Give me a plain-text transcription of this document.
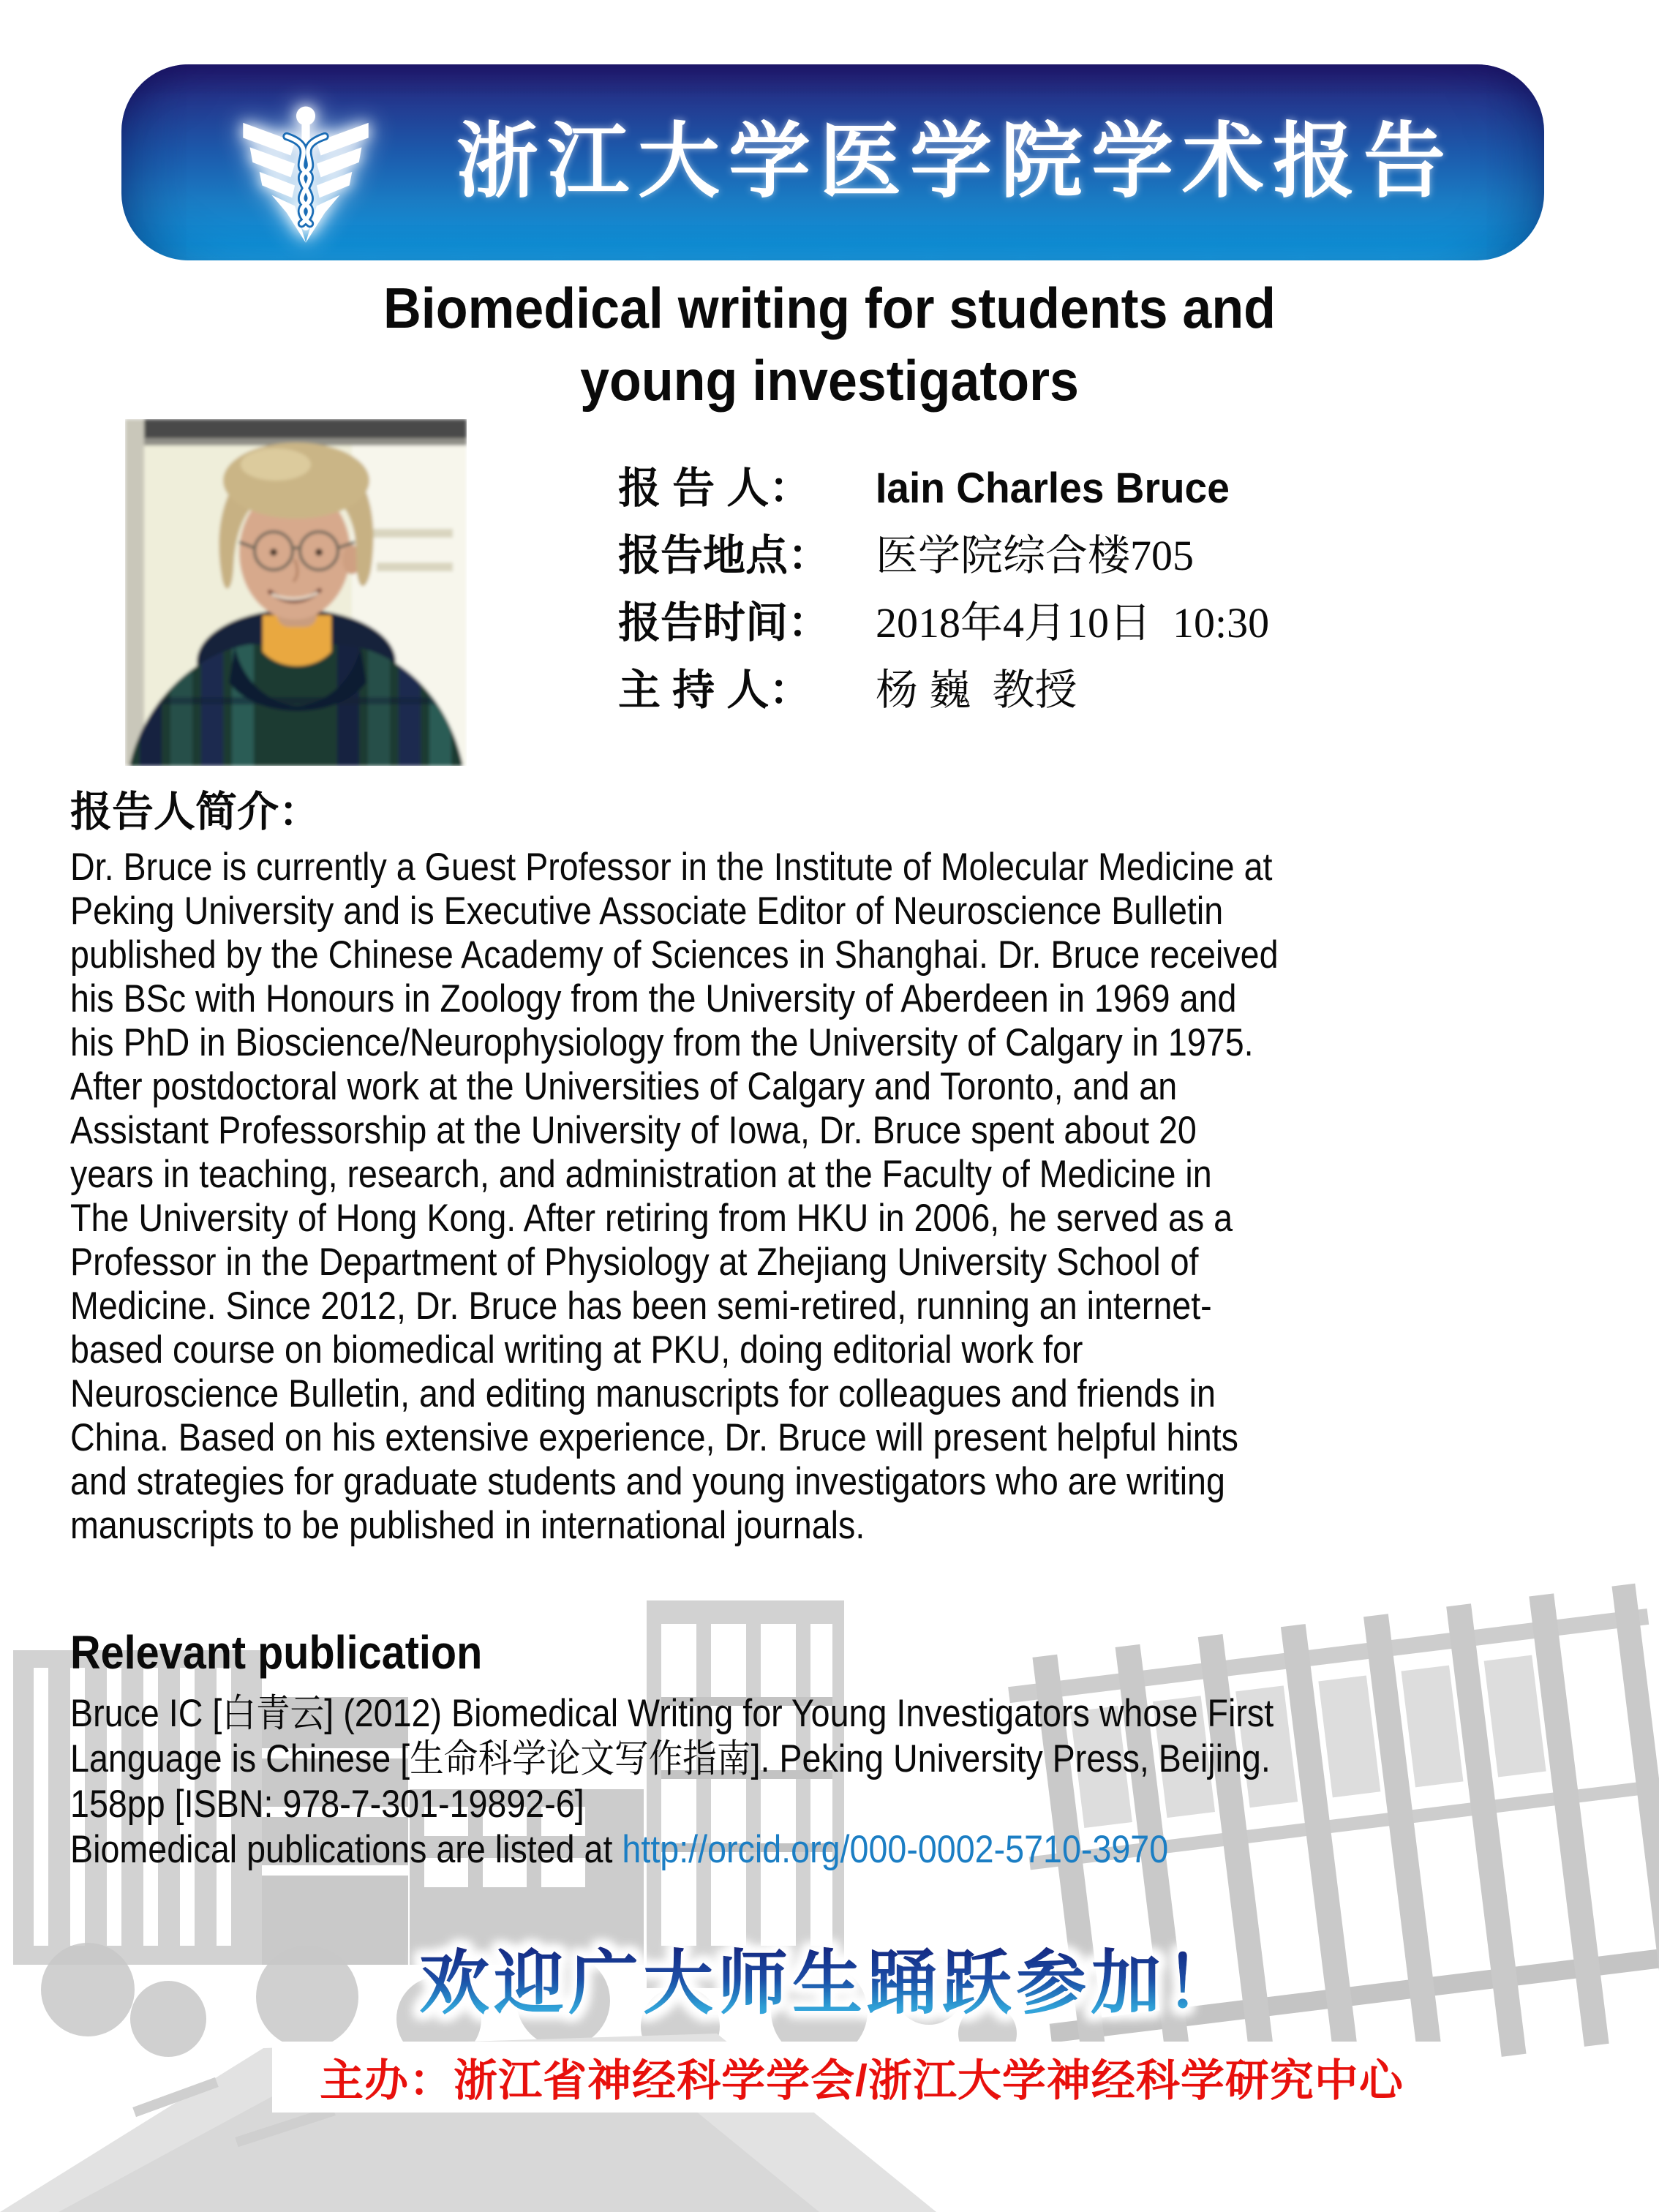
浙江大学医学院学术报告
Biomedical writing for students and
young investigators
报 告 人： Iain Charles Bruce
报告地点： 医学院综合楼705
报告时间： 2018年4月10日  10:30
主 持 人： 杨 巍  教授
报告人简介：
Dr. Bruce is currently a Guest Professor in the Institute of Molecular Medicine at
Peking University and is Executive Associate Editor of Neuroscience Bulletin
published by the Chinese Academy of Sciences in Shanghai. Dr. Bruce received
his BSc with Honours in Zoology from the University of Aberdeen in 1969 and
his PhD in Bioscience/Neurophysiology from the University of Calgary in 1975.
After postdoctoral work at the Universities of Calgary and Toronto, and an
Assistant Professorship at the University of Iowa, Dr. Bruce spent about 20
years in teaching, research, and administration at the Faculty of Medicine in
The University of Hong Kong. After retiring from HKU in 2006, he served as a
Professor in the Department of Physiology at Zhejiang University School of
Medicine. Since 2012, Dr. Bruce has been semi-retired, running an internet-
based course on biomedical writing at PKU, doing editorial work for
Neuroscience Bulletin, and editing manuscripts for colleagues and friends in
China. Based on his extensive experience, Dr. Bruce will present helpful hints
and strategies for graduate students and young investigators who are writing
manuscripts to be published in international journals.
Relevant publication
Bruce IC [白青云] (2012) Biomedical Writing for Young Investigators whose First
Language is Chinese [生命科学论文写作指南]. Peking University Press, Beijing.
158pp [ISBN: 978-7-301-19892-6]
Biomedical publications are listed at http://orcid.org/000-0002-5710-3970
欢迎广大师生踊跃参加！
主办：浙江省神经科学学会/浙江大学神经科学研究中心
